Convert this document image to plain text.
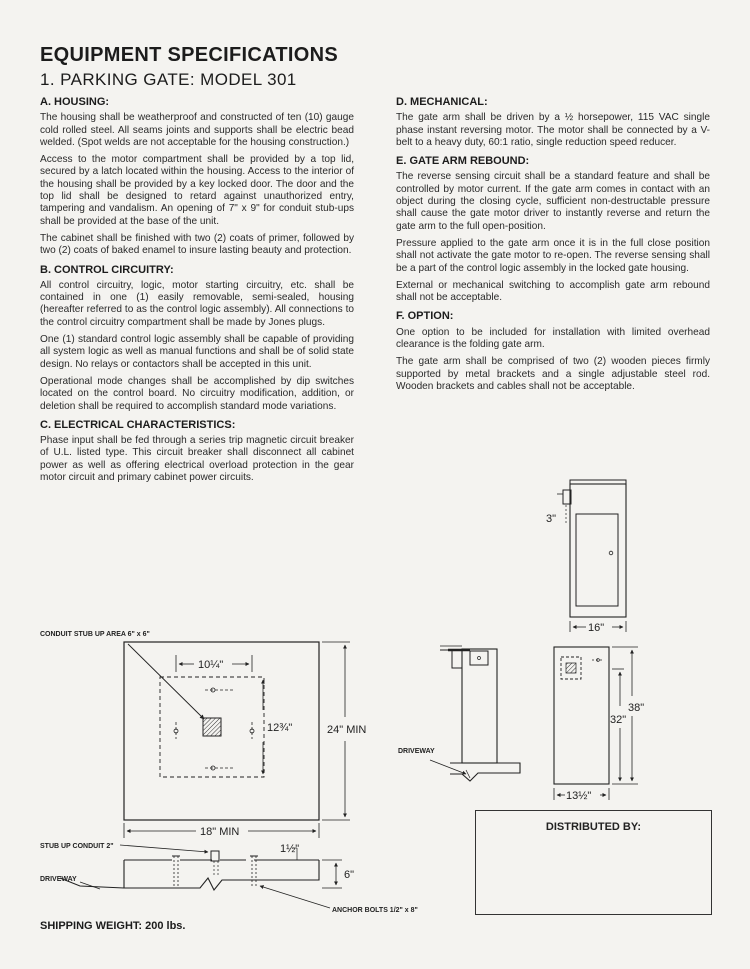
EQUIPMENT SPECIFICATIONS
1. PARKING GATE: MODEL 301
A. HOUSING:

The housing shall be weatherproof and constructed of ten (10) gauge cold rolled steel. All seams joints and supports shall be electric bead welded. (Spot welds are not acceptable for the housing construction.)

Access to the motor compartment shall be provided by a top lid, secured by a latch located within the housing. Access to the interior of the housing shall be provided by a key locked door. The door and the top lid shall be designed to retard against unauthorized entry, tampering and vandalism. An opening of 7" x 9" for conduit stub-ups shall be provided at the base of the unit.

The cabinet shall be finished with two (2) coats of primer, followed by two (2) coats of baked enamel to insure lasting beauty and protection.

B. CONTROL CIRCUITRY:

All control circuitry, logic, motor starting circuitry, etc. shall be contained in one (1) easily removable, semi-sealed, housing (hereafter referred to as the control logic assembly). All connections to the control circuitry compartment shall be made by Jones plugs.

One (1) standard control logic assembly shall be capable of providing all system logic as well as manual functions and shall be of solid state design. No relays or contactors shall be accepted in this unit.

Operational mode changes shall be accomplished by dip switches located on the control board. No circuitry modification, addition, or deletion shall be required to accomplish standard mode variations.

C. ELECTRICAL CHARACTERISTICS:

Phase input shall be fed through a series trip magnetic circuit breaker of U.L. listed type. This circuit breaker shall disconnect all cabinet power as well as offering electrical overload protection in the gear motor circuit and primary cabinet power circuits.

D. MECHANICAL:

The gate arm shall be driven by a ½ horsepower, 115 VAC single phase instant reversing motor. The motor shall be connected by a V-belt to a heavy duty, 60:1 ratio, single reduction speed reducer.

E. GATE ARM REBOUND:

The reverse sensing circuit shall be a standard feature and shall be controlled by motor current. If the gate arm comes in contact with an object during the closing cycle, sufficient non-destructable pressure shall cause the gate motor driver to instantly reverse and return the gate arm to the full open-position.

Pressure applied to the gate arm once it is in the full close position shall not activate the gate motor to re-open. The reverse sensing shall be a part of the control logic assembly in the locked gate housing.

External or mechanical switching to accomplish gate arm rebound shall not be acceptable.

F. OPTION:

One option to be included for installation with limited overhead clearance is the folding gate arm.

The gate arm shall be comprised of two (2) wooden pieces firmly supported by metal brackets and a single adjustable steel rod. Wooden brackets and cables shall not be acceptable.

CONDUIT STUB UP AREA 6" x 6"
10¼"
12¾"	24" MIN
18" MIN
STUB UP CONDUIT 2"	1½"
6"
DRIVEWAY
ANCHOR BOLTS 1/2" x 8"
3"
16"
DRIVEWAY
38"
32"
13½"
DISTRIBUTED BY:
SHIPPING WEIGHT: 200 lbs.
